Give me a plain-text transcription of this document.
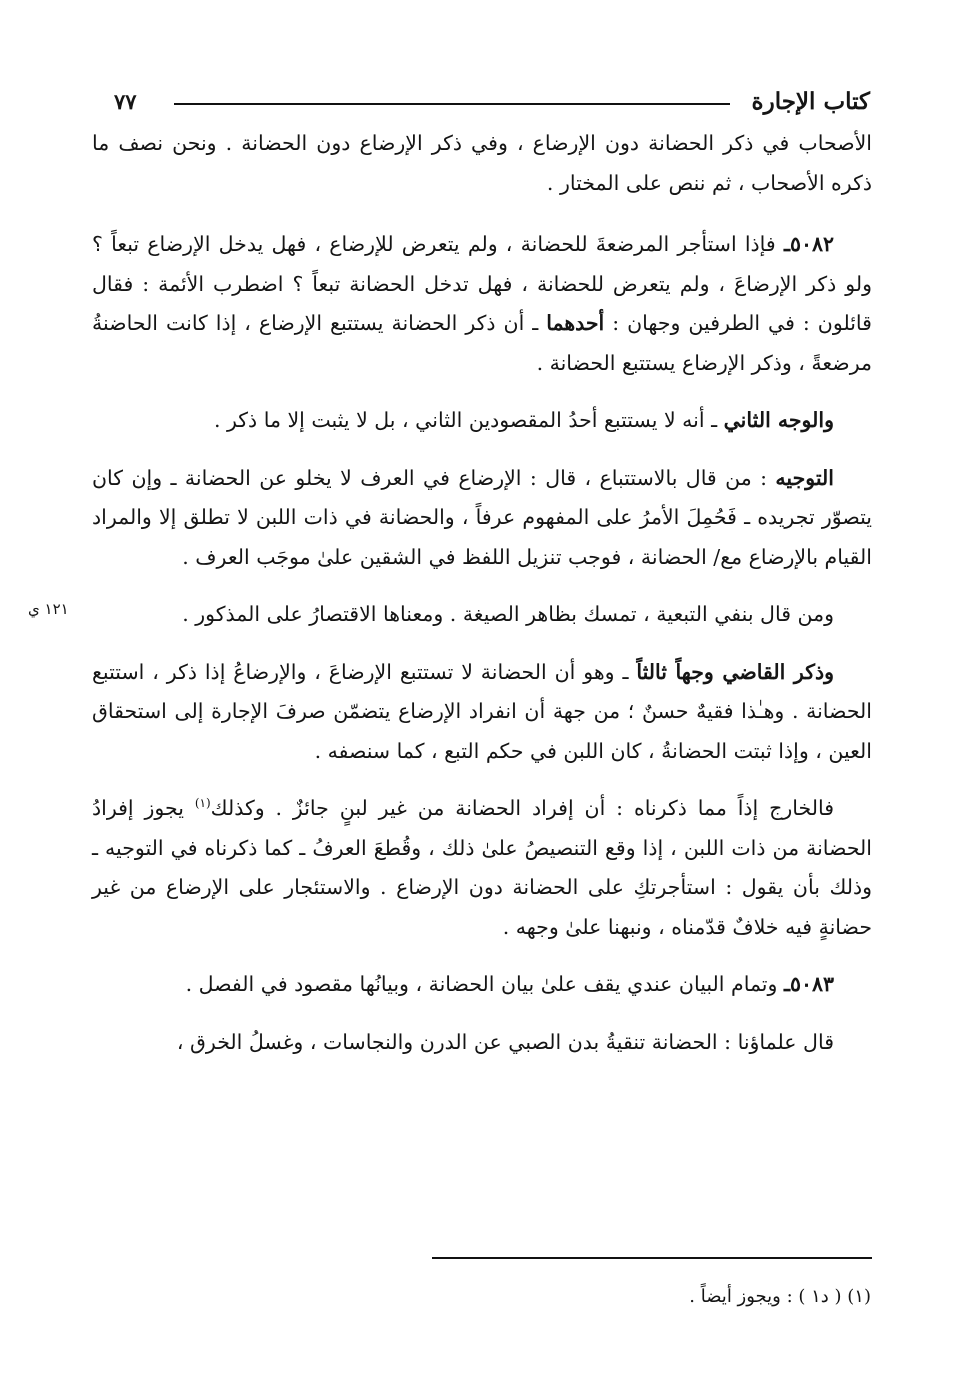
كتاب الإجارة
٧٧
١٢١ ي

الأصحاب في ذكر الحضانة دون الإرضاع ، وفي ذكر الإرضاع دون الحضانة . ونحن نصف ما ذكره الأصحاب ، ثم ننص على المختار .

٥٠٨٢ـ فإذا استأجر المرضعةَ للحضانة ، ولم يتعرض للإرضاع ، فهل يدخل الإرضاع تبعاً ؟ ولو ذكر الإرضاعَ ، ولم يتعرض للحضانة ، فهل تدخل الحضانة تبعاً ؟ اضطرب الأئمة : فقال قائلون : في الطرفين وجهان : أحدهما ـ أن ذكر الحضانة يستتبع الإرضاع ، إذا كانت الحاضنةُ مرضعةً ، وذكر الإرضاع يستتبع الحضانة .

والوجه الثاني ـ أنه لا يستتبع أحدُ المقصودين الثاني ، بل لا يثبت إلا ما ذكر .

التوجيه : من قال بالاستتباع ، قال : الإرضاع في العرف لا يخلو عن الحضانة ـ وإن كان يتصوّر تجريده ـ فَحُمِلَ الأمرُ على المفهوم عرفاً ، والحضانة في ذات اللبن لا تطلق إلا والمراد القيام بالإرضاع مع/ الحضانة ، فوجب تنزيل اللفظ في الشقين علىٰ موجَب العرف .

ومن قال بنفي التبعية ، تمسك بظاهر الصيغة . ومعناها الاقتصارُ على المذكور .

وذكر القاضي وجهاً ثالثاً ـ وهو أن الحضانة لا تستتبع الإرضاعَ ، والإرضاعُ إذا ذكر ، استتبع الحضانة . وهـٰذا فقيهٌ حسنٌ ؛ من جهة أن انفراد الإرضاع يتضمّن صرفَ الإجارة إلى استحقاق العين ، وإذا ثبتت الحضانةُ ، كان اللبن في حكم التبع ، كما سنصفه .

فالخارج إذاً مما ذكرناه : أن إفراد الحضانة من غير لبنٍ جائزٌ . وكذلك$^{(١)}$ يجوز إفرادُ الحضانة من ذات اللبن ، إذا وقع التنصيصُ علىٰ ذلك ، وقُطعَ العرفُ ـ كما ذكرناه في التوجيه ـ وذلك بأن يقول : استأجرتكِ على الحضانة دون الإرضاع . والاستئجار على الإرضاع من غير حضانةٍ فيه خلافٌ قدّمناه ، ونبهنا علىٰ وجهه .

٥٠٨٣ـ وتمام البيان عندي يقف علىٰ بيان الحضانة ، وبيانُها مقصود في الفصل .

قال علماؤنا : الحضانة تنقيةُ بدن الصبي عن الدرن والنجاسات ، وغسلُ الخرق ،

(١) ( د١ ) : ويجوز أيضاً .
